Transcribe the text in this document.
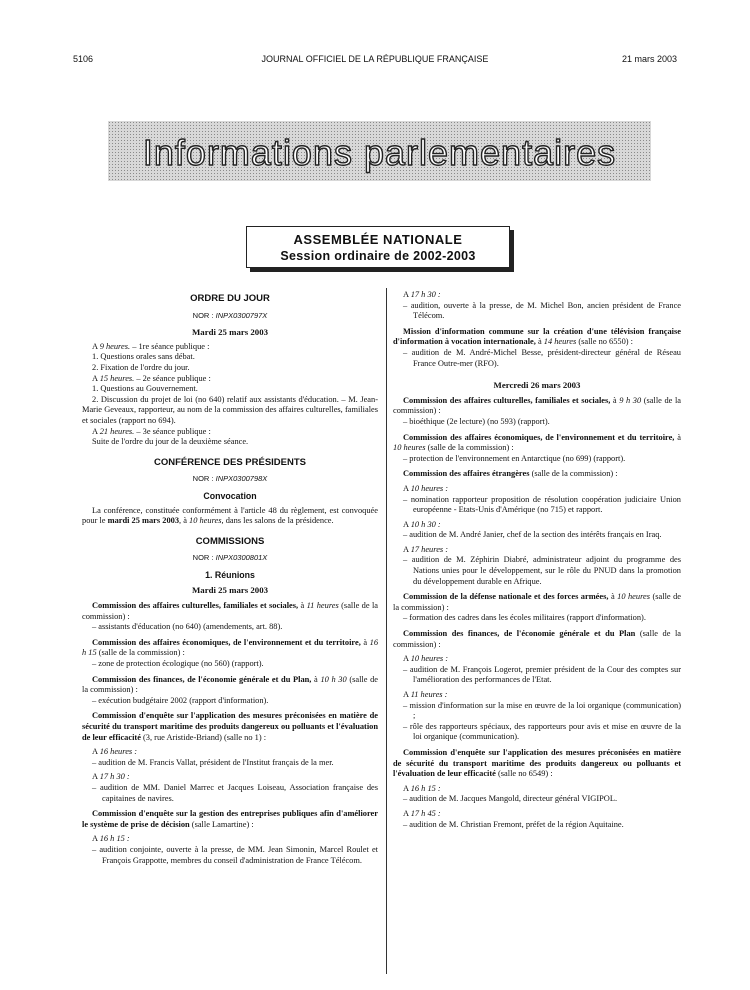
5106	JOURNAL OFFICIEL DE LA RÉPUBLIQUE FRANÇAISE	21 mars 2003
Informations parlementaires
ASSEMBLÉE NATIONALE
Session ordinaire de 2002-2003
ORDRE DU JOUR
NOR : INPX0300797X
Mardi 25 mars 2003

A 9 heures. – 1re séance publique :

1. Questions orales sans débat.

2. Fixation de l'ordre du jour.

A 15 heures. – 2e séance publique :

1. Questions au Gouvernement.

2. Discussion du projet de loi (no 640) relatif aux assistants d'éducation. – M. Jean-Marie Geveaux, rapporteur, au nom de la commission des affaires culturelles, familiales et sociales (rapport no 694).

A 21 heures. – 3e séance publique :

Suite de l'ordre du jour de la deuxième séance.

CONFÉRENCE DES PRÉSIDENTS
NOR : INPX0300798X
Convocation

La conférence, constituée conformément à l'article 48 du règlement, est convoquée pour le mardi 25 mars 2003, à 10 heures, dans les salons de la présidence.

COMMISSIONS
NOR : INPX0300801X
1. Réunions
Mardi 25 mars 2003

Commission des affaires culturelles, familiales et sociales, à 11 heures (salle de la commission) :

– assistants d'éducation (no 640) (amendements, art. 88).

Commission des affaires économiques, de l'environnement et du territoire, à 16 h 15 (salle de la commission) :

– zone de protection écologique (no 560) (rapport).

Commission des finances, de l'économie générale et du Plan, à 10 h 30 (salle de la commission) :

– exécution budgétaire 2002 (rapport d'information).

Commission d'enquête sur l'application des mesures préconisées en matière de sécurité du transport maritime des produits dangereux ou polluants et l'évaluation de leur efficacité (3, rue Aristide-Briand) (salle no 1) :

A 16 heures :

– audition de M. Francis Vallat, président de l'Institut français de la mer.

A 17 h 30 :

– audition de MM. Daniel Marrec et Jacques Loiseau, Association française des capitaines de navires.

Commission d'enquête sur la gestion des entreprises publiques afin d'améliorer le système de prise de décision (salle Lamartine) :

A 16 h 15 :

– audition conjointe, ouverte à la presse, de MM. Jean Simonin, Marcel Roulet et François Grappotte, membres du conseil d'administration de France Télécom.

A 17 h 30 :

– audition, ouverte à la presse, de M. Michel Bon, ancien président de France Télécom.

Mission d'information commune sur la création d'une télévision française d'information à vocation internationale, à 14 heures (salle no 6550) :

– audition de M. André-Michel Besse, président-directeur général de Réseau France Outre-mer (RFO).

Mercredi 26 mars 2003

Commission des affaires culturelles, familiales et sociales, à 9 h 30 (salle de la commission) :

– bioéthique (2e lecture) (no 593) (rapport).

Commission des affaires économiques, de l'environnement et du territoire, à 10 heures (salle de la commission) :

– protection de l'environnement en Antarctique (no 699) (rapport).

Commission des affaires étrangères (salle de la commission) :

A 10 heures :

– nomination rapporteur proposition de résolution coopération judiciaire Union européenne - Etats-Unis d'Amérique (no 715) et rapport.

A 10 h 30 :

– audition de M. André Janier, chef de la section des intérêts français en Iraq.

A 17 heures :

– audition de M. Zéphirin Diabré, administrateur adjoint du programme des Nations unies pour le développement, sur le rôle du PNUD dans la promotion du développement durable en Afrique.

Commission de la défense nationale et des forces armées, à 10 heures (salle de la commission) :

– formation des cadres dans les écoles militaires (rapport d'information).

Commission des finances, de l'économie générale et du Plan (salle de la commission) :

A 10 heures :

– audition de M. François Logerot, premier président de la Cour des comptes sur l'amélioration des performances de l'Etat.

A 11 heures :

– mission d'information sur la mise en œuvre de la loi organique (communication) ;

– rôle des rapporteurs spéciaux, des rapporteurs pour avis et mise en œuvre de la loi organique (communication).

Commission d'enquête sur l'application des mesures préconisées en matière de sécurité du transport maritime des produits dangereux ou polluants et l'évaluation de leur efficacité (salle no 6549) :

A 16 h 15 :

– audition de M. Jacques Mangold, directeur général VIGIPOL.

A 17 h 45 :

– audition de M. Christian Fremont, préfet de la région Aquitaine.
